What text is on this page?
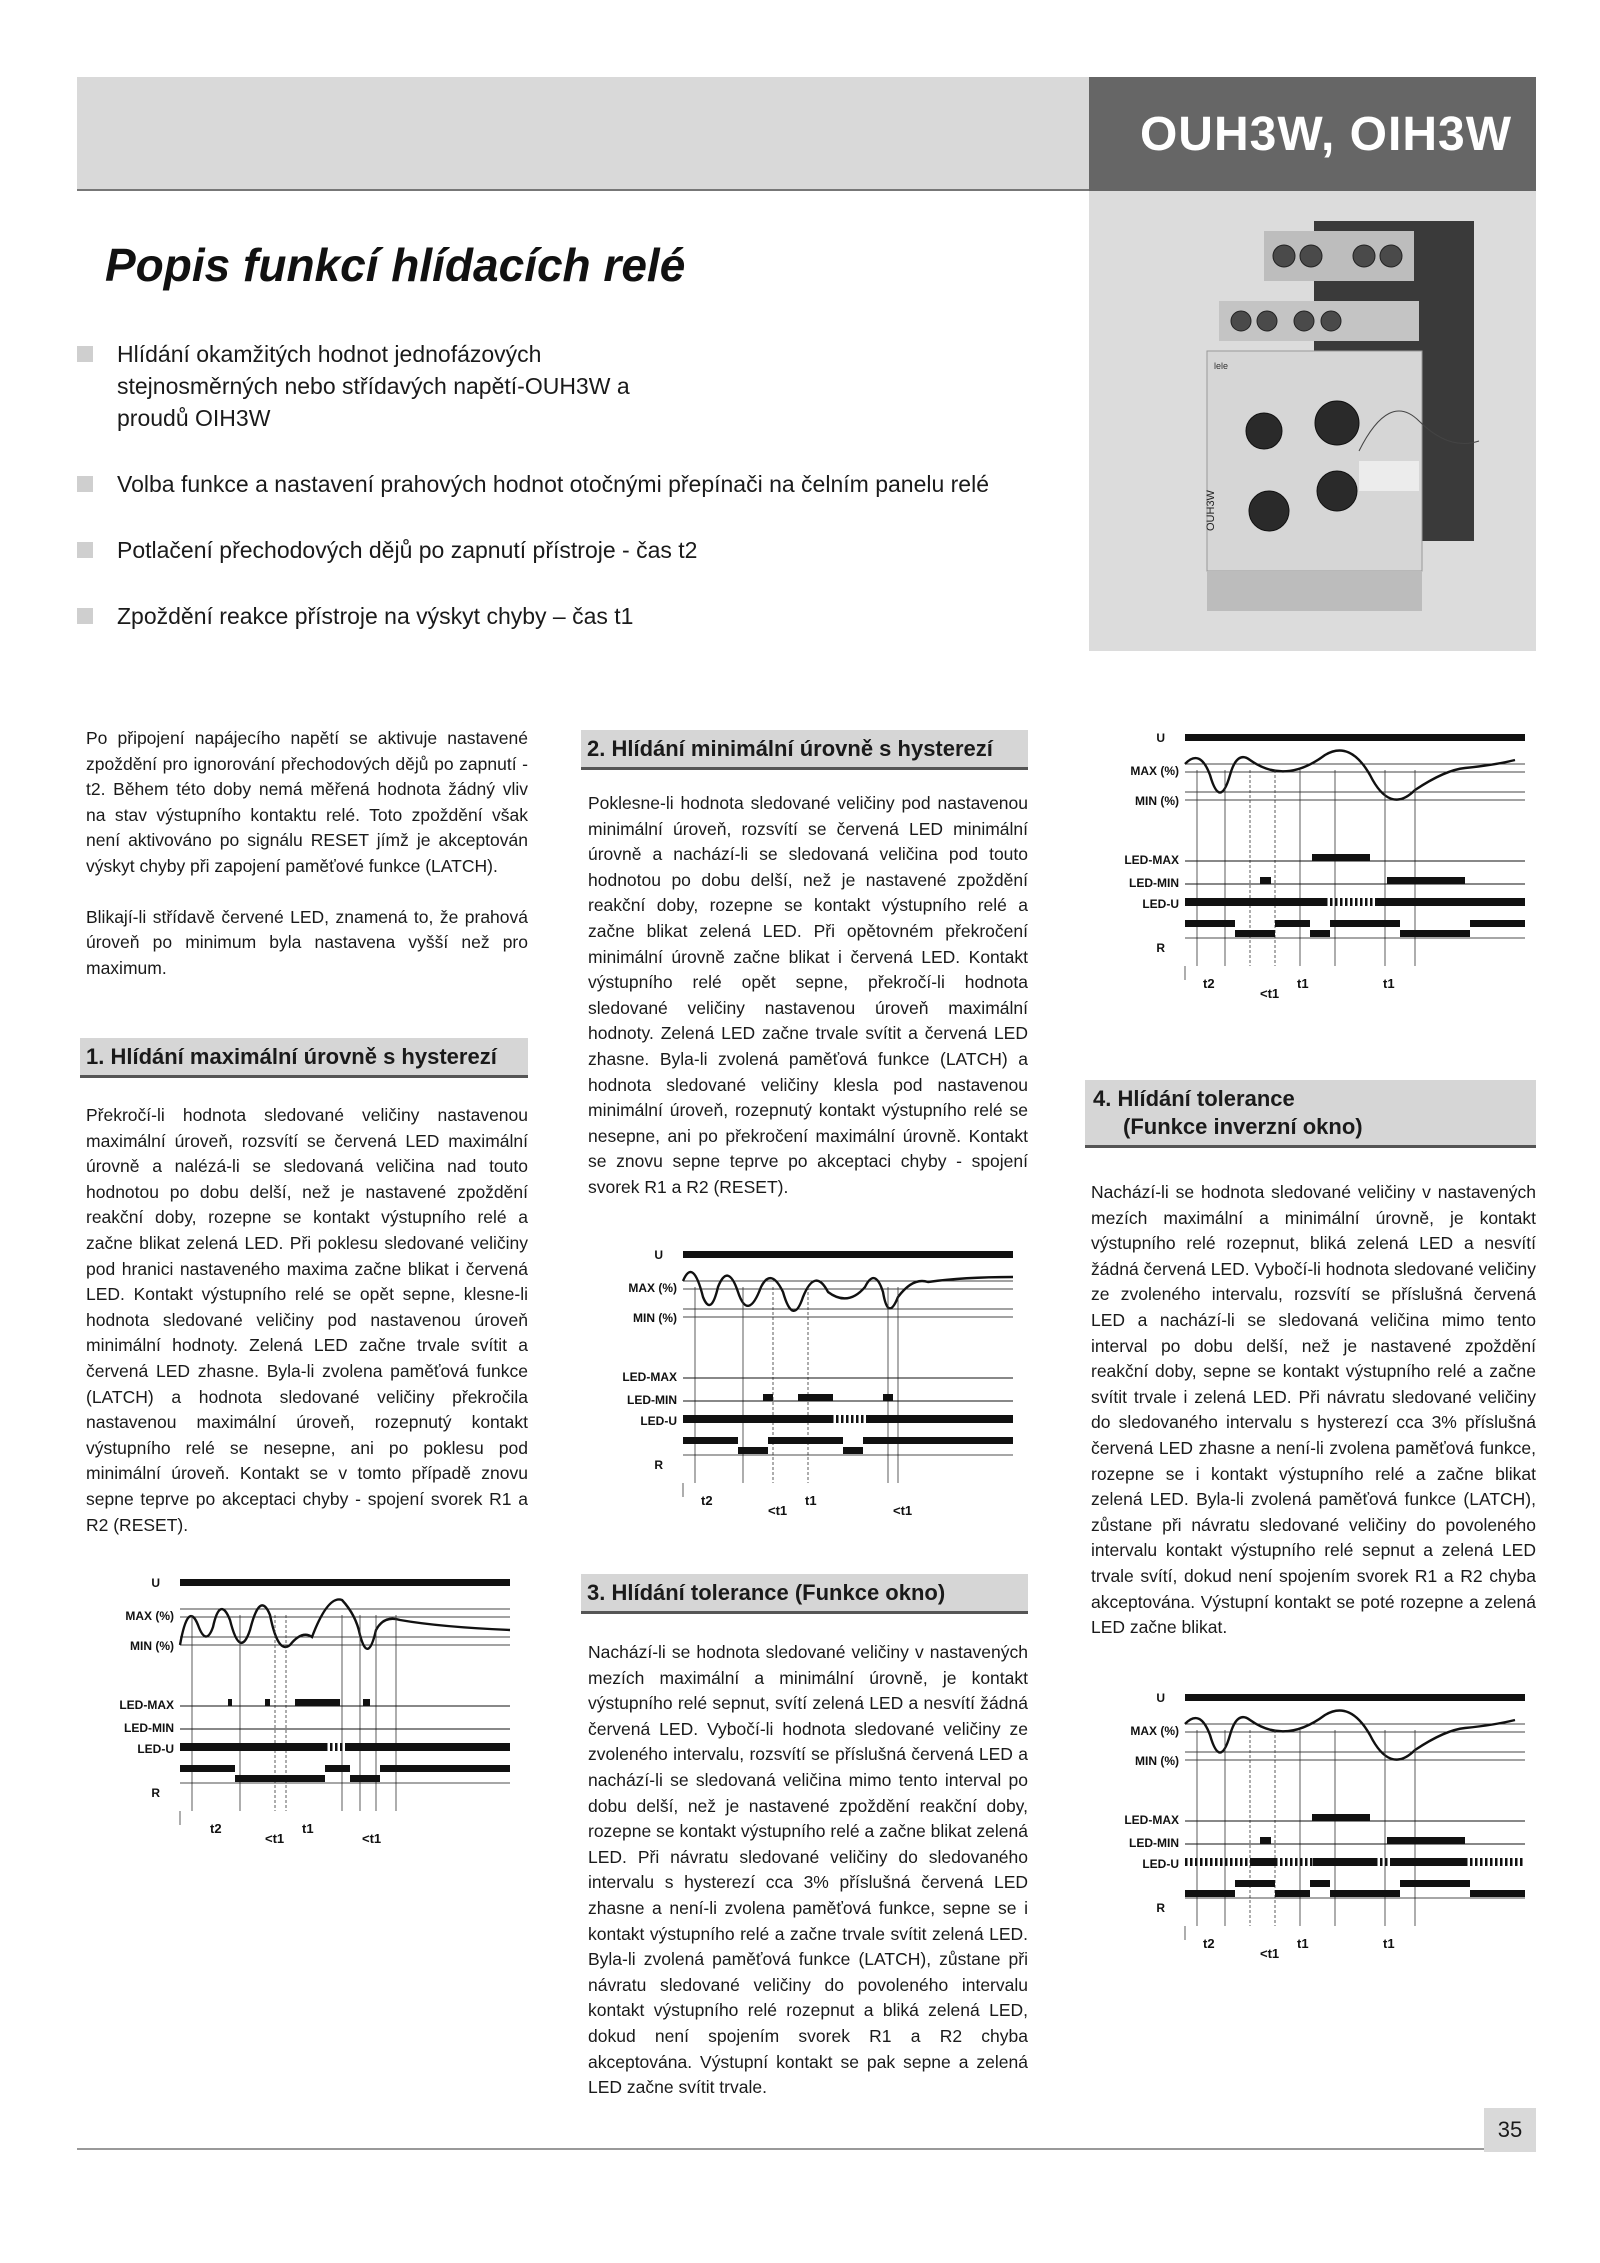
OUH3W, OIH3W
lele
OUH3W
Popis funkcí hlídacích relé
Hlídání okamžitých hodnot jednofázových stejnosměrných nebo střídavých napětí-OUH3W a proudů OIH3W
Volba funkce a nastavení prahových hodnot otočnými přepínači na čelním panelu relé
Potlačení přechodových dějů po zapnutí přístroje - čas t2
Zpoždění reakce přístroje na výskyt chyby – čas t1

Po připojení napájecího napětí se aktivuje nastavené zpoždění pro ignorování přechodových dějů po zapnutí - t2. Během této doby nemá měřená hodnota žádný vliv na stav výstupního kontaktu relé. Toto zpoždění však není aktivováno po signálu RESET jímž je akceptován výskyt chyby při zapojení paměťové funkce (LATCH).

Blikají-li střídavě červené LED, znamená to, že prahová úroveň po minimum byla nastavena vyšší než pro maximum.

1. Hlídání maximální úrovně s hysterezí
Překročí-li hodnota sledované veličiny nastavenou maximální úroveň, rozsvítí se červená LED maximální úrovně a nalézá-li se sledovaná veličina nad touto hodnotou po dobu delší, než je nastavené zpoždění reakční doby, rozepne se kontakt výstupního relé a začne blikat zelená LED. Při poklesu sledované veličiny pod hranici nastaveného maxima začne blikat i červená LED. Kontakt výstupního relé se opět sepne, klesne-li hodnota sledované veličiny pod nastavenou úroveň minimální hodnoty. Zelená LED začne trvale svítit a červená LED zhasne. Byla-li zvolena paměťová funkce (LATCH) a hodnota sledované veličiny překročila nastavenou maximální úroveň, rozepnutý kontakt výstupního relé se nesepne, ani po poklesu pod minimální úroveň. Kontakt se v tomto případě znovu sepne teprve po akceptaci chyby - spojení svorek R1 a R2 (RESET).
2. Hlídání minimální úrovně s hysterezí
Poklesne-li hodnota sledované veličiny pod nastavenou minimální úroveň, rozsvítí se červená LED minimální úrovně a nachází-li se sledovaná veličina pod touto hodnotou po dobu delší, než je nastavené zpoždění reakční doby, rozepne se kontakt výstupního relé a začne blikat zelená LED. Při opětovném překročení minimální úrovně začne blikat i červená LED. Kontakt výstupního relé opět sepne, překročí-li hodnota sledované veličiny nastavenou úroveň maximální hodnoty. Zelená LED začne trvale svítit a červená LED zhasne. Byla-li zvolená paměťová funkce (LATCH) a hodnota sledované veličiny klesla pod nastavenou minimální úroveň, rozepnutý kontakt výstupního relé se nesepne, ani po překročení maximální úrovně. Kontakt se znovu sepne teprve po akceptaci chyby - spojení svorek R1 a R2 (RESET).
3. Hlídání tolerance (Funkce okno)
Nachází-li se hodnota sledované veličiny v nastavených mezích maximální a minimální úrovně, je kontakt výstupního relé sepnut, svítí zelená LED a nesvítí žádná červená LED. Vybočí-li hodnota sledované veličiny ze zvoleného intervalu, rozsvítí se příslušná červená LED a nachází-li se sledovaná veličina mimo tento interval po dobu delší, než je nastavené zpoždění reakční doby, rozepne se kontakt výstupního relé a začne blikat zelená LED. Při návratu sledované veličiny do sledovaného intervalu s hysterezí cca 3% příslušná červená LED zhasne a není-li zvolena paměťová funkce, sepne se i kontakt výstupního relé a začne trvale svítit zelená LED. Byla-li zvolená paměťová funkce (LATCH), zůstane při návratu sledované veličiny do povoleného intervalu kontakt výstupního relé rozepnut a bliká zelená LED, dokud není spojením svorek R1 a R2 chyba akceptována. Výstupní kontakt se pak sepne a zelená LED začne svítit trvale.
4. Hlídání tolerance
(Funkce inverzní okno)
Nachází-li se hodnota sledované veličiny v nastavených mezích maximální a minimální úrovně, je kontakt výstupního relé rozepnut, bliká zelená LED a nesvítí žádná červená LED. Vybočí-li hodnota sledované veličiny ze zvoleného intervalu, rozsvítí se příslušná červená LED a nachází-li se sledovaná veličina mimo tento interval po dobu delší, než je nastavené zpoždění reakční doby, sepne se kontakt výstupního relé a začne svítit trvale i zelená LED. Při návratu sledované veličiny do sledovaného intervalu s hysterezí cca 3% příslušná červená LED zhasne a není-li zvolena paměťová funkce, rozepne se i kontakt výstupního relé a začne blikat zelená LED. Byla-li zvolená paměťová funkce (LATCH), zůstane při návratu sledované veličiny do povoleného intervalu kontakt výstupního relé sepnut a zelená LED trvale svítí, dokud není spojením svorek R1 a R2 chyba akceptována. Výstupní kontakt se poté rozepne a zelená LED začne blikat.
U
MAX (%)
MIN (%)
LED-MAX
LED-MIN
LED-U
R
t2
<t1
t1
<t1
U
MAX (%)
MIN (%)
LED-MAX
LED-MIN
LED-U
R
t2
<t1
t1
<t1
U
MAX (%)
MIN (%)
LED-MAX
LED-MIN
LED-U
R
t2
<t1
t1	t1
U
MAX (%)
MIN (%)
LED-MAX
LED-MIN
LED-U
R
t2
<t1
t1	t1
35
